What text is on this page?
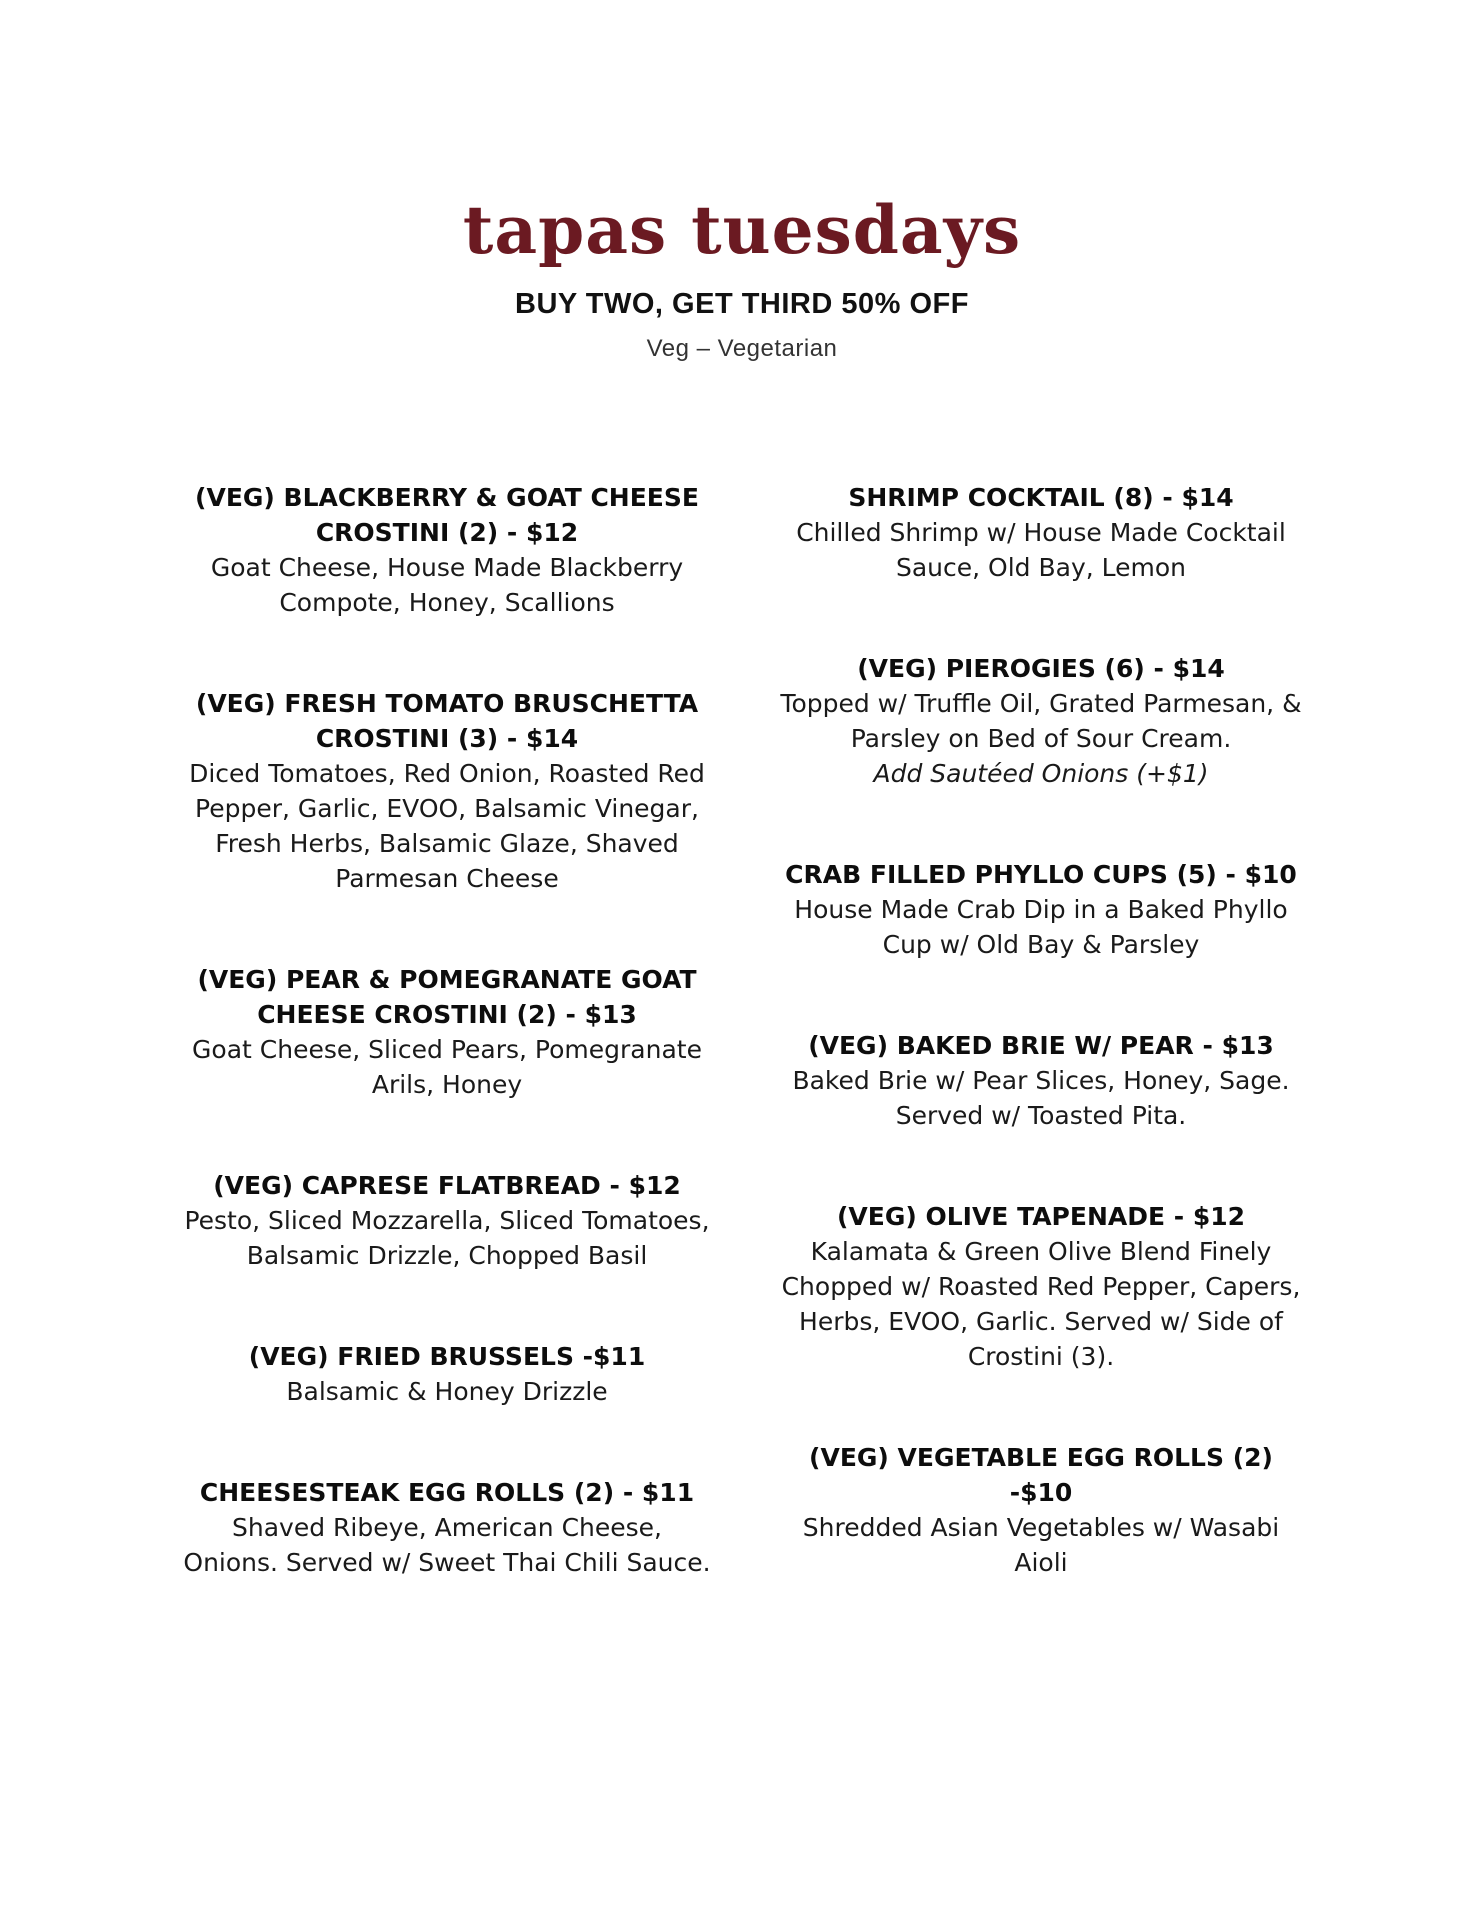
tapas tuesdays
BUY TWO, GET THIRD 50% OFF
Veg – Vegetarian
(VEG) BLACKBERRY & GOAT CHEESE CROSTINI (2) - $12
Goat Cheese, House Made Blackberry Compote, Honey, Scallions
(VEG) FRESH TOMATO BRUSCHETTA CROSTINI (3) - $14
Diced Tomatoes, Red Onion, Roasted Red Pepper, Garlic, EVOO, Balsamic Vinegar, Fresh Herbs, Balsamic Glaze, Shaved Parmesan Cheese
(VEG) PEAR & POMEGRANATE GOAT CHEESE CROSTINI (2) - $13
Goat Cheese, Sliced Pears, Pomegranate Arils, Honey
(VEG) CAPRESE FLATBREAD - $12
Pesto, Sliced Mozzarella, Sliced Tomatoes, Balsamic Drizzle, Chopped Basil
(VEG) FRIED BRUSSELS -$11
Balsamic & Honey Drizzle
CHEESESTEAK EGG ROLLS (2) - $11
Shaved Ribeye, American Cheese, Onions. Served w/ Sweet Thai Chili Sauce.
SHRIMP COCKTAIL (8) - $14
Chilled Shrimp w/ House Made Cocktail Sauce, Old Bay, Lemon
(VEG) PIEROGIES (6) - $14
Topped w/ Truffle Oil, Grated Parmesan, & Parsley on Bed of Sour Cream.
Add Sautéed Onions (+$1)
CRAB FILLED PHYLLO CUPS (5) - $10
House Made Crab Dip in a Baked Phyllo Cup w/ Old Bay & Parsley
(VEG) BAKED BRIE W/ PEAR - $13
Baked Brie w/ Pear Slices, Honey, Sage. Served w/ Toasted Pita.
(VEG) OLIVE TAPENADE - $12
Kalamata & Green Olive Blend Finely Chopped w/ Roasted Red Pepper, Capers, Herbs, EVOO, Garlic. Served w/ Side of Crostini (3).
(VEG) VEGETABLE EGG ROLLS (2) -$10
Shredded Asian Vegetables w/ Wasabi Aioli
